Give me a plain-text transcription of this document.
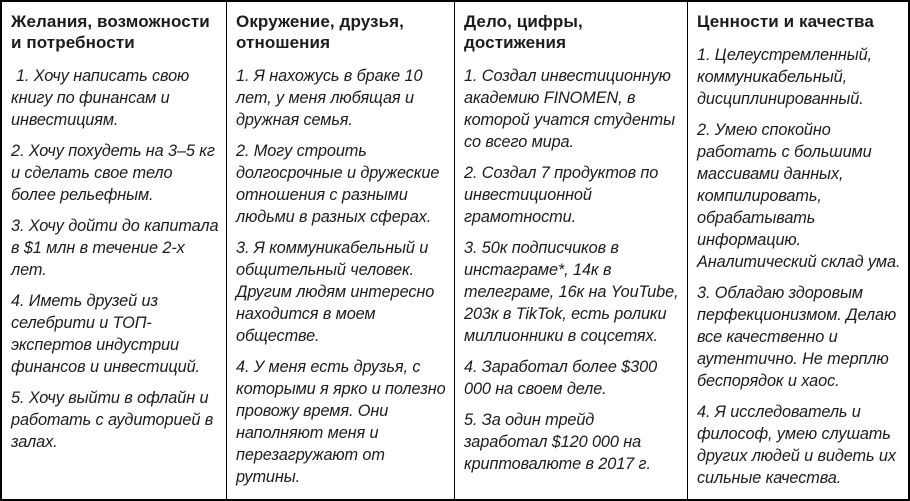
Желания, возможности и потребности

1. Хочу написать свою книгу по финансам и инвестициям.

2. Хочу похудеть на 3–5 кг и сделать свое тело более рельефным.

3. Хочу дойти до капитала в $1 млн в течение 2-х лет.

4. Иметь друзей из селебрити и ТОП-экспертов индустрии финансов и инвестиций.

5. Хочу выйти в офлайн и работать с аудиторией в залах.

Окружение, друзья, отношения

1. Я нахожусь в браке 10 лет, у меня любящая и дружная семья.

2. Могу строить долгосрочные и дружеские отношения с разными людьми в разных сферах.

3. Я коммуникабельный и общительный человек. Другим людям интересно находится в моем обществе.

4. У меня есть друзья, с которыми я ярко и полезно провожу время. Они наполняют меня и перезагружают от рутины.

Дело, цифры, достижения

1. Создал инвестиционную академию FINOMEN, в которой учатся студенты со всего мира.

2. Создал 7 продуктов по инвестиционной грамотности.

3. 50к подписчиков в инстаграме*, 14к в телеграме, 16к на YouTube, 203к в TikTok, есть ролики миллионники в соцсетях.

4. Заработал более $300 000 на своем деле.

5. За один трейд заработал $120 000 на криптовалюте в 2017 г.

Ценности и качества

1. Целеустремленный, коммуникабельный, дисциплинированный.

2. Умею спокойно работать с большими массивами данных, компилировать, обрабатывать информацию. Аналитический склад ума.

3. Обладаю здоровым перфекционизмом. Делаю все качественно и аутентично. Не терплю беспорядок и хаос.

4. Я исследователь и философ, умею слушать других людей и видеть их сильные качества.
